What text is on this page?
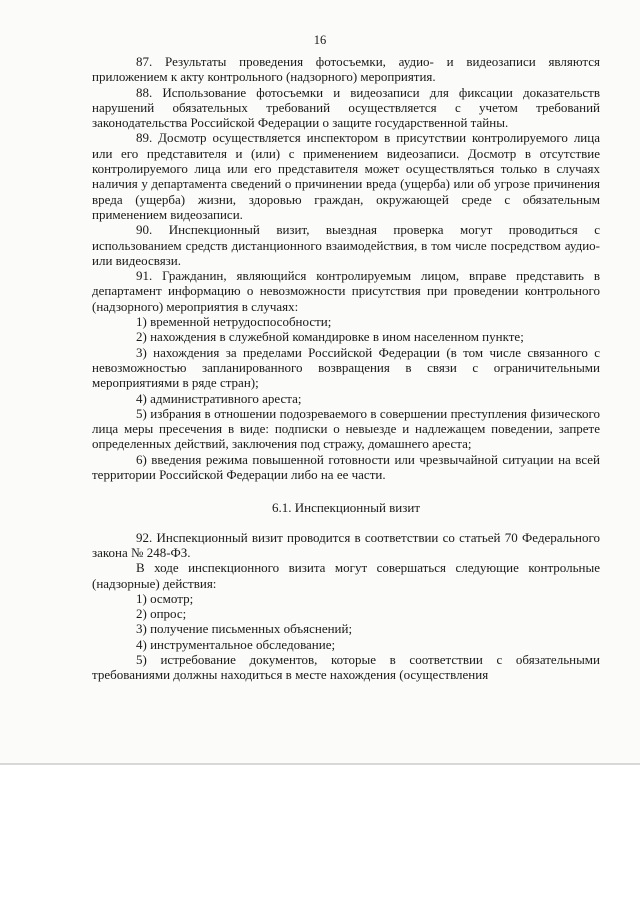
16

87. Результаты проведения фотосъемки, аудио- и видеозаписи являются приложением к акту контрольного (надзорного) мероприятия.

88. Использование фотосъемки и видеозаписи для фиксации доказательств нарушений обязательных требований осуществляется с учетом требований законодательства Российской Федерации о защите государственной тайны.

89. Досмотр осуществляется инспектором в присутствии контролируемого лица или его представителя и (или) с применением видеозаписи. Досмотр в отсутствие контролируемого лица или его представителя может осуществляться только в случаях наличия у департамента сведений о причинении вреда (ущерба) или об угрозе причинения вреда (ущерба) жизни, здоровью граждан, окружающей среде с обязательным применением видеозаписи.

90. Инспекционный визит, выездная проверка могут проводиться с использованием средств дистанционного взаимодействия, в том числе посредством аудио- или видеосвязи.

91. Гражданин, являющийся контролируемым лицом, вправе представить в департамент информацию о невозможности присутствия при проведении контрольного (надзорного) мероприятия в случаях:

1) временной нетрудоспособности;

2) нахождения в служебной командировке в ином населенном пункте;

3) нахождения за пределами Российской Федерации (в том числе связанного с невозможностью запланированного возвращения в связи с ограничительными мероприятиями в ряде стран);

4) административного ареста;

5) избрания в отношении подозреваемого в совершении преступления физического лица меры пресечения в виде: подписки о невыезде и надлежащем поведении, запрете определенных действий, заключения под стражу, домашнего ареста;

6) введения режима повышенной готовности или чрезвычайной ситуации на всей территории Российской Федерации либо на ее части.

6.1. Инспекционный визит

92. Инспекционный визит проводится в соответствии со статьей 70 Федерального закона № 248-ФЗ.

В ходе инспекционного визита могут совершаться следующие контрольные (надзорные) действия:

1) осмотр;

2) опрос;

3) получение письменных объяснений;

4) инструментальное обследование;

5) истребование документов, которые в соответствии с обязательными требованиями должны находиться в месте нахождения (осуществления
